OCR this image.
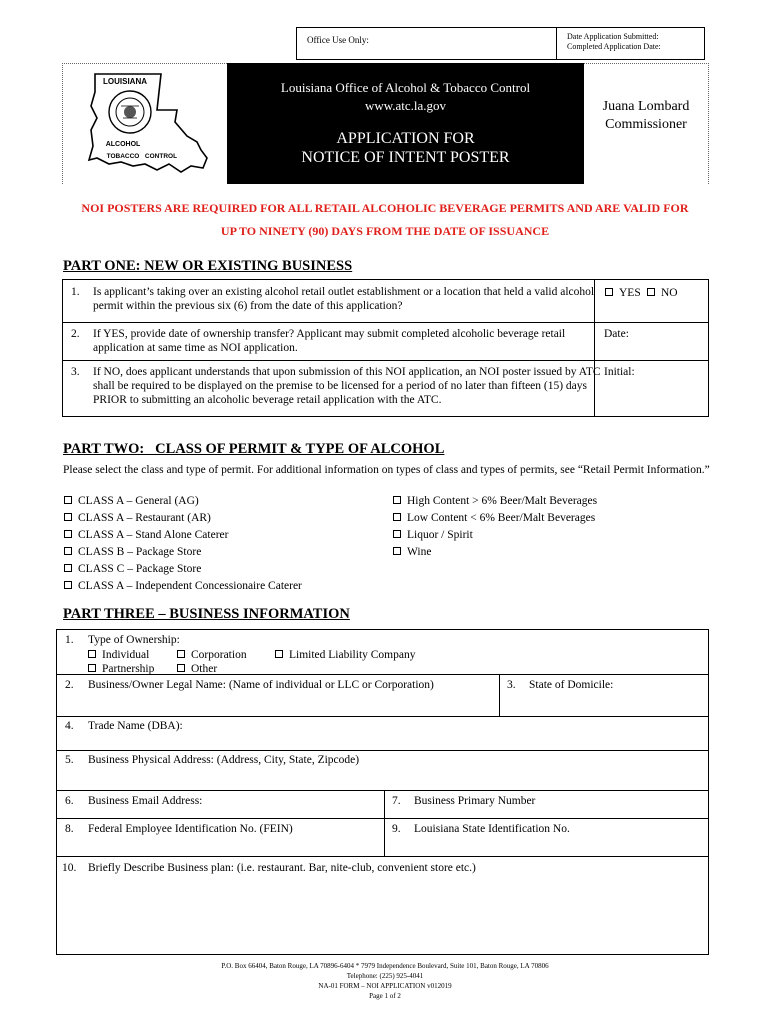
Office Use Only:	Date Application Submitted:
Completed Application Date:
LOUISIANA
ALCOHOL
TOBACCO CONTROL
Louisiana Office of Alcohol & Tobacco Control
www.atc.la.gov
APPLICATION FOR
NOTICE OF INTENT POSTER
Juana Lombard
Commissioner
NOI POSTERS ARE REQUIRED FOR ALL RETAIL ALCOHOLIC BEVERAGE PERMITS AND ARE VALID FOR
UP TO NINETY (90) DAYS FROM THE DATE OF ISSUANCE
PART ONE: NEW OR EXISTING BUSINESS
1. Is applicant’s taking over an existing alcohol retail outlet establishment or a location that held a valid alcohol
permit within the previous six (6) from the date of this application?
YES	NO
2. If YES, provide date of ownership transfer? Applicant may submit completed alcoholic beverage retail
application at same time as NOI application.
Date:
3. If NO, does applicant understands that upon submission of this NOI application, an NOI poster issued by ATC
shall be required to be displayed on the premise to be licensed for a period of no later than fifteen (15) days
PRIOR to submitting an alcoholic beverage retail application with the ATC.
Initial:
PART TWO:   CLASS OF PERMIT & TYPE OF ALCOHOL
Please select the class and type of permit. For additional information on types of class and types of permits, see “Retail Permit Information.”
CLASS A – General (AG)
CLASS A – Restaurant (AR)
CLASS A – Stand Alone Caterer
CLASS B – Package Store
CLASS C – Package Store
CLASS A – Independent Concessionaire Caterer
High Content > 6% Beer/Malt Beverages
Low Content < 6% Beer/Malt Beverages
Liquor / Spirit
Wine
PART THREE – BUSINESS INFORMATION
1. Type of Ownership:
Individual	Corporation	Limited Liability Company
Partnership	Other
2. Business/Owner Legal Name: (Name of individual or LLC or Corporation)	3. State of Domicile:
4. Trade Name (DBA):
5. Business Physical Address: (Address, City, State, Zipcode)
6. Business Email Address:	7. Business Primary Number
8. Federal Employee Identification No. (FEIN)	9. Louisiana State Identification No.
10. Briefly Describe Business plan: (i.e. restaurant. Bar, nite-club, convenient store etc.)
P.O. Box 66404, Baton Rouge, LA 70896-6404 * 7979 Independence Boulevard, Suite 101, Baton Rouge, LA 70806
Telephone: (225) 925-4041
NA-01 FORM – NOI APPLICATION v012019
Page 1 of 2
